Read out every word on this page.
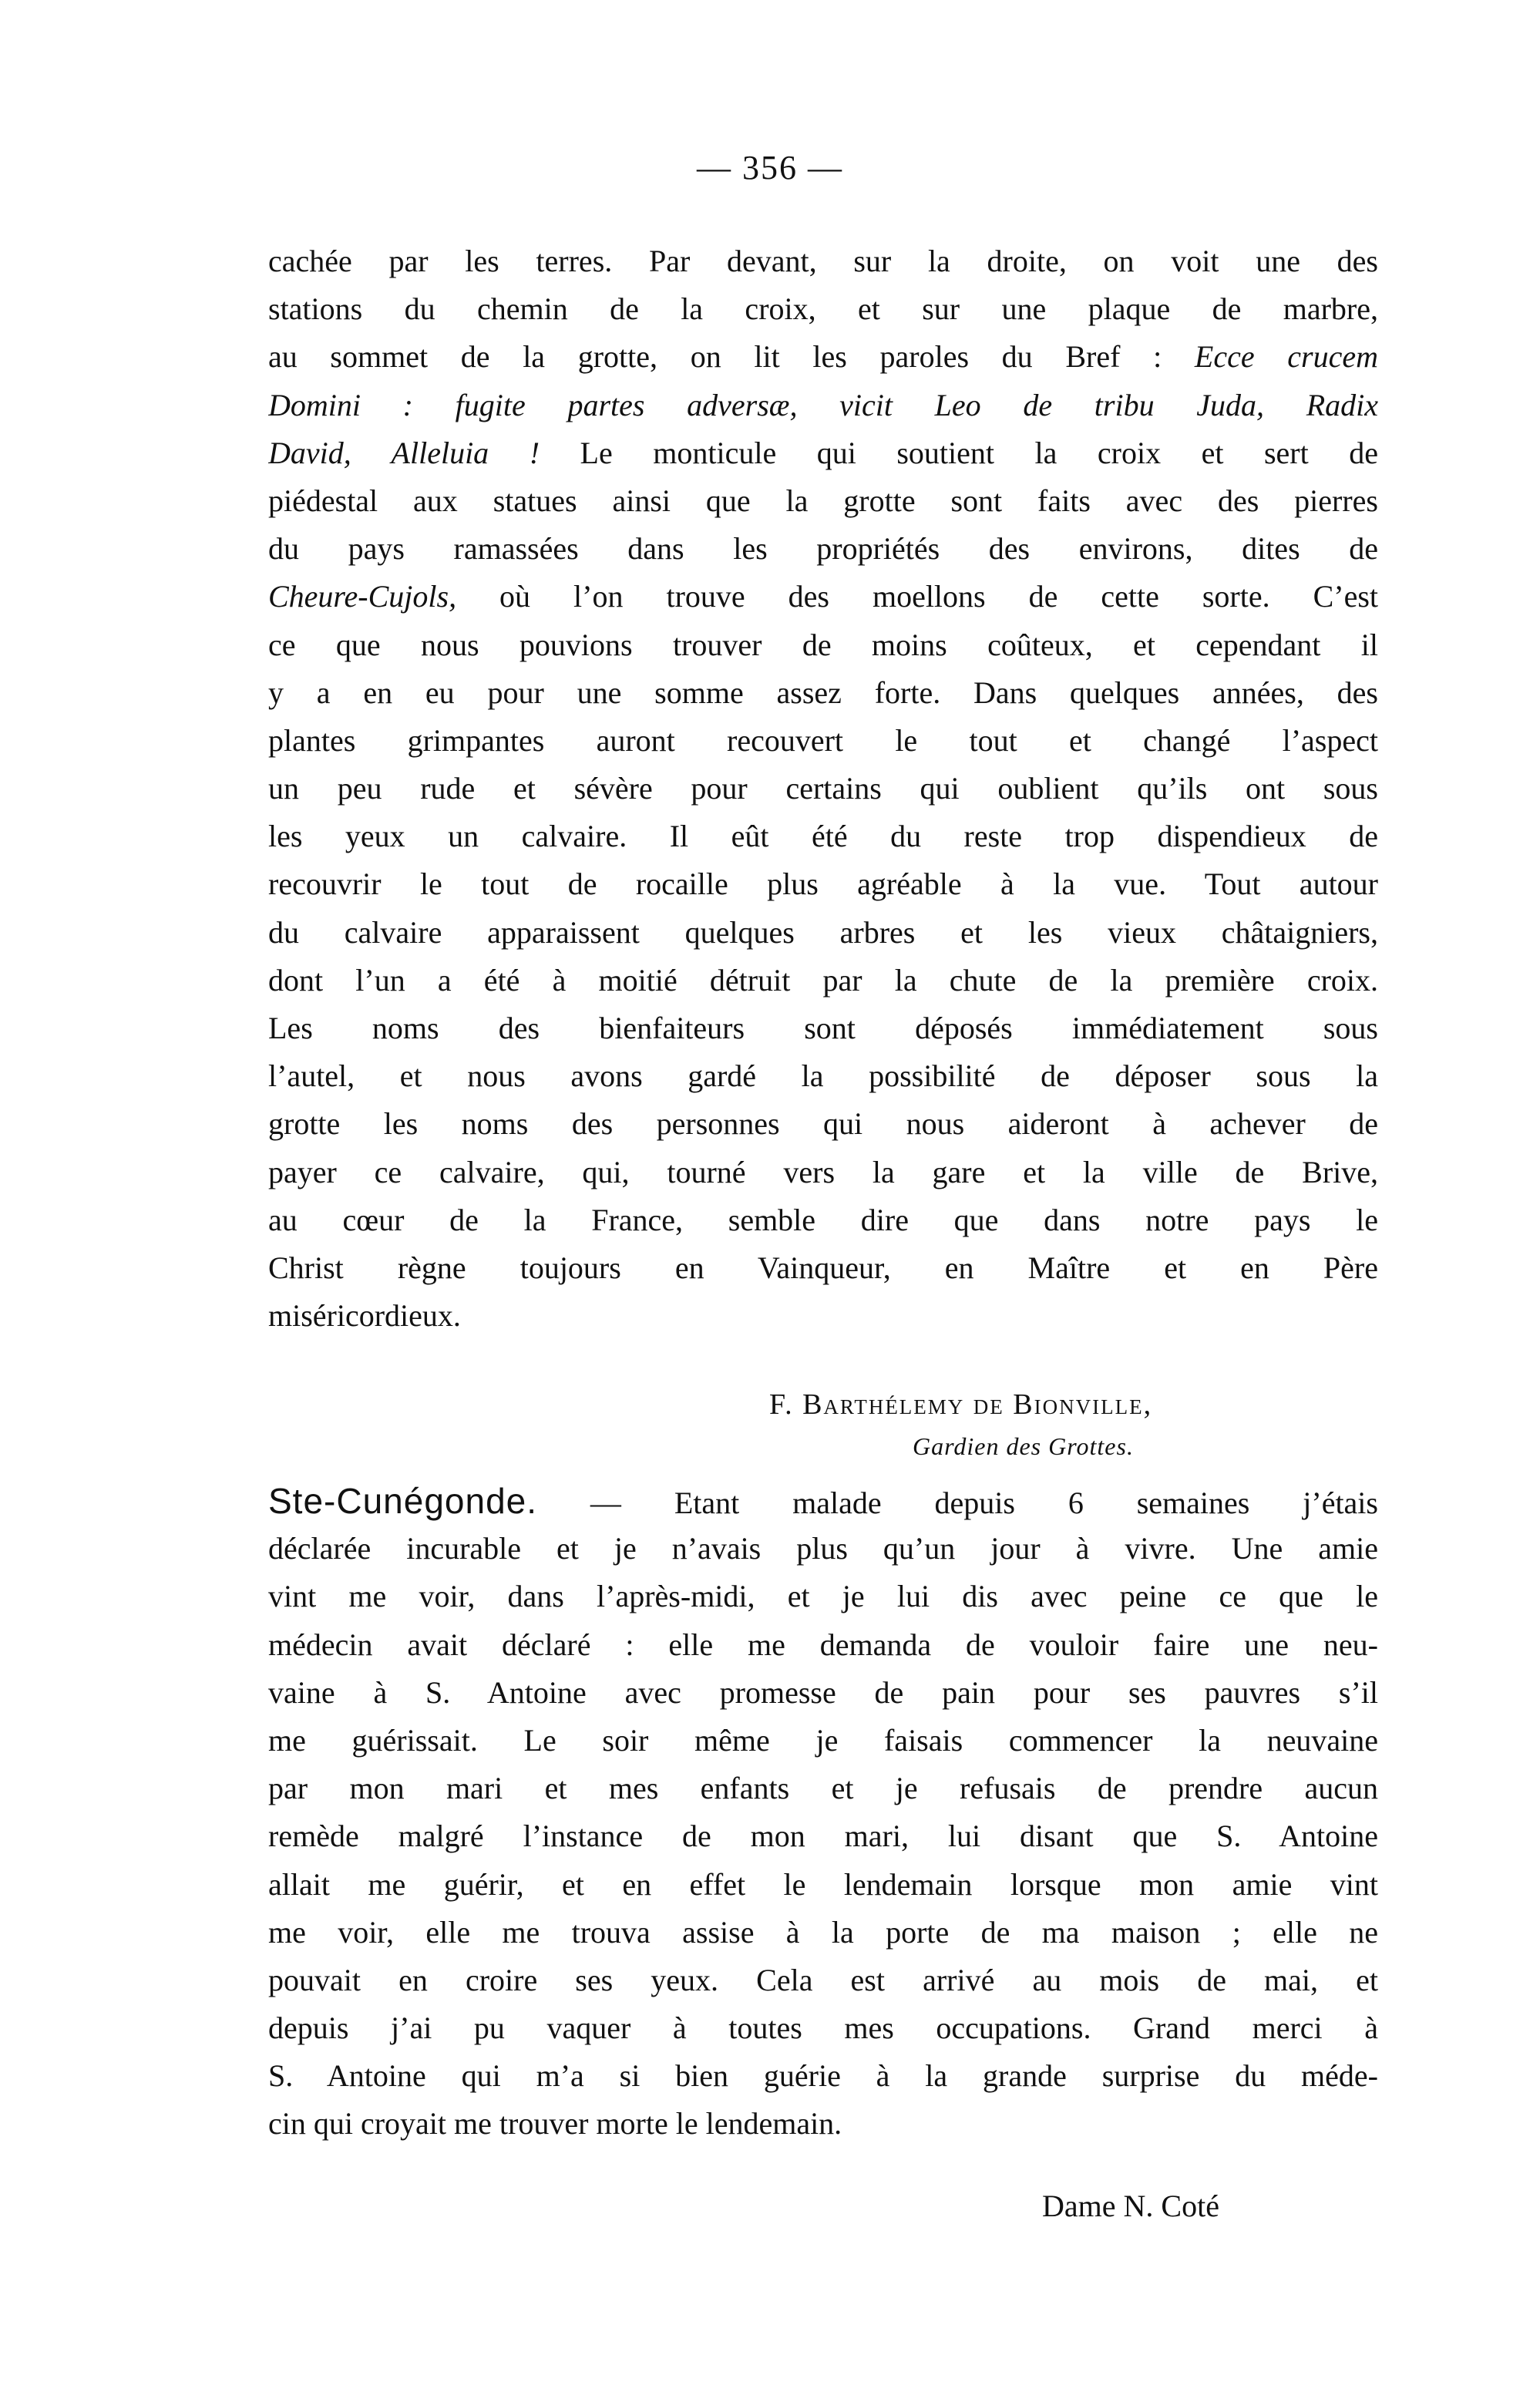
— 356 —
cachée par les terres. Par devant, sur la droite, on voit une des
stations du chemin de la croix, et sur une plaque de marbre,
au sommet de la grotte, on lit les paroles du Bref : Ecce crucem
Domini : fugite partes adversæ, vicit Leo de tribu Juda, Radix
David, Alleluia ! Le monticule qui soutient la croix et sert de
piédestal aux statues ainsi que la grotte sont faits avec des pierres
du pays ramassées dans les propriétés des environs, dites de
Cheure-Cujols, où l’on trouve des moellons de cette sorte. C’est
ce que nous pouvions trouver de moins coûteux, et cependant il
y a en eu pour une somme assez forte. Dans quelques années, des
plantes grimpantes auront recouvert le tout et changé l’aspect
un peu rude et sévère pour certains qui oublient qu’ils ont sous
les yeux un calvaire. Il eût été du reste trop dispendieux de
recouvrir le tout de rocaille plus agréable à la vue. Tout autour
du calvaire apparaissent quelques arbres et les vieux châtaigniers,
dont l’un a été à moitié détruit par la chute de la première croix.
Les noms des bienfaiteurs sont déposés immédiatement sous
l’autel, et nous avons gardé la possibilité de déposer sous la
grotte les noms des personnes qui nous aideront à achever de
payer ce calvaire, qui, tourné vers la gare et la ville de Brive,
au cœur de la France, semble dire que dans notre pays le
Christ règne toujours en Vainqueur, en Maître et en Père
miséricordieux.
F. Barthélemy de Bionville,
Gardien des Grottes.
Ste-Cunégonde. — Etant malade depuis 6 semaines j’étais
déclarée incurable et je n’avais plus qu’un jour à vivre. Une amie
vint me voir, dans l’après-midi, et je lui dis avec peine ce que le
médecin avait déclaré : elle me demanda de vouloir faire une neu-
vaine à S. Antoine avec promesse de pain pour ses pauvres s’il
me guérissait. Le soir même je faisais commencer la neuvaine
par mon mari et mes enfants et je refusais de prendre aucun
remède malgré l’instance de mon mari, lui disant que S. Antoine
allait me guérir, et en effet le lendemain lorsque mon amie vint
me voir, elle me trouva assise à la porte de ma maison ; elle ne
pouvait en croire ses yeux. Cela est arrivé au mois de mai, et
depuis j’ai pu vaquer à toutes mes occupations. Grand merci à
S. Antoine qui m’a si bien guérie à la grande surprise du méde-
cin qui croyait me trouver morte le lendemain.
Dame N. Coté
